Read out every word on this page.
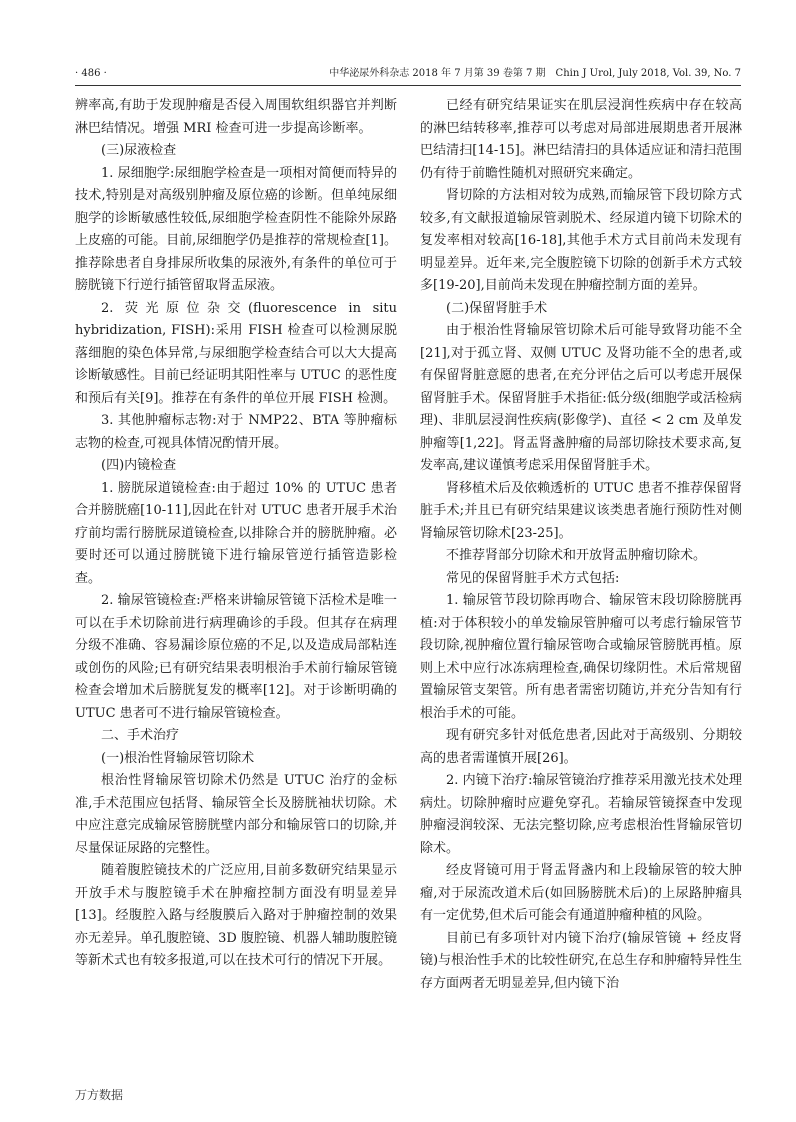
· 486 ·	中华泌尿外科杂志 2018 年 7 月第 39 卷第 7 期　Chin J Urol, July 2018, Vol. 39, No. 7

辨率高,有助于发现肿瘤是否侵入周围软组织器官并判断淋巴结情况。增强 MRI 检查可进一步提高诊断率。

(三)尿液检查

1. 尿细胞学:尿细胞学检查是一项相对简便而特异的技术,特别是对高级别肿瘤及原位癌的诊断。但单纯尿细胞学的诊断敏感性较低,尿细胞学检查阴性不能除外尿路上皮癌的可能。目前,尿细胞学仍是推荐的常规检查[1]。推荐除患者自身排尿所收集的尿液外,有条件的单位可于膀胱镜下行逆行插管留取肾盂尿液。

2. 荧光原位杂交(fluorescence in situ hybridization, FISH):采用 FISH 检查可以检测尿脱落细胞的染色体异常,与尿细胞学检查结合可以大大提高诊断敏感性。目前已经证明其阳性率与 UTUC 的恶性度和预后有关[9]。推荐在有条件的单位开展 FISH 检测。

3. 其他肿瘤标志物:对于 NMP22、BTA 等肿瘤标志物的检查,可视具体情况酌情开展。

(四)内镜检查

1. 膀胱尿道镜检查:由于超过 10% 的 UTUC 患者合并膀胱癌[10-11],因此在针对 UTUC 患者开展手术治疗前均需行膀胱尿道镜检查,以排除合并的膀胱肿瘤。必要时还可以通过膀胱镜下进行输尿管逆行插管造影检查。

2. 输尿管镜检查:严格来讲输尿管镜下活检术是唯一可以在手术切除前进行病理确诊的手段。但其存在病理分级不准确、容易漏诊原位癌的不足,以及造成局部粘连或创伤的风险;已有研究结果表明根治手术前行输尿管镜检查会增加术后膀胱复发的概率[12]。对于诊断明确的 UTUC 患者可不进行输尿管镜检查。

二、手术治疗

(一)根治性肾输尿管切除术

根治性肾输尿管切除术仍然是 UTUC 治疗的金标准,手术范围应包括肾、输尿管全长及膀胱袖状切除。术中应注意完成输尿管膀胱壁内部分和输尿管口的切除,并尽量保证尿路的完整性。

随着腹腔镜技术的广泛应用,目前多数研究结果显示开放手术与腹腔镜手术在肿瘤控制方面没有明显差异[13]。经腹腔入路与经腹膜后入路对于肿瘤控制的效果亦无差异。单孔腹腔镜、3D 腹腔镜、机器人辅助腹腔镜等新术式也有较多报道,可以在技术可行的情况下开展。

已经有研究结果证实在肌层浸润性疾病中存在较高的淋巴结转移率,推荐可以考虑对局部进展期患者开展淋巴结清扫[14-15]。淋巴结清扫的具体适应证和清扫范围仍有待于前瞻性随机对照研究来确定。

肾切除的方法相对较为成熟,而输尿管下段切除方式较多,有文献报道输尿管剥脱术、经尿道内镜下切除术的复发率相对较高[16-18],其他手术方式目前尚未发现有明显差异。近年来,完全腹腔镜下切除的创新手术方式较多[19-20],目前尚未发现在肿瘤控制方面的差异。

(二)保留肾脏手术

由于根治性肾输尿管切除术后可能导致肾功能不全[21],对于孤立肾、双侧 UTUC 及肾功能不全的患者,或有保留肾脏意愿的患者,在充分评估之后可以考虑开展保留肾脏手术。保留肾脏手术指征:低分级(细胞学或活检病理)、非肌层浸润性疾病(影像学)、直径 < 2 cm 及单发肿瘤等[1,22]。肾盂肾盏肿瘤的局部切除技术要求高,复发率高,建议谨慎考虑采用保留肾脏手术。

肾移植术后及依赖透析的 UTUC 患者不推荐保留肾脏手术;并且已有研究结果建议该类患者施行预防性对侧肾输尿管切除术[23-25]。

不推荐肾部分切除术和开放肾盂肿瘤切除术。

常见的保留肾脏手术方式包括:

1. 输尿管节段切除再吻合、输尿管末段切除膀胱再植:对于体积较小的单发输尿管肿瘤可以考虑行输尿管节段切除,视肿瘤位置行输尿管吻合或输尿管膀胱再植。原则上术中应行冰冻病理检查,确保切缘阴性。术后常规留置输尿管支架管。所有患者需密切随访,并充分告知有行根治手术的可能。

现有研究多针对低危患者,因此对于高级别、分期较高的患者需谨慎开展[26]。

2. 内镜下治疗:输尿管镜治疗推荐采用激光技术处理病灶。切除肿瘤时应避免穿孔。若输尿管镜探查中发现肿瘤浸润较深、无法完整切除,应考虑根治性肾输尿管切除术。

经皮肾镜可用于肾盂肾盏内和上段输尿管的较大肿瘤,对于尿流改道术后(如回肠膀胱术后)的上尿路肿瘤具有一定优势,但术后可能会有通道肿瘤种植的风险。

目前已有多项针对内镜下治疗(输尿管镜 + 经皮肾镜)与根治性手术的比较性研究,在总生存和肿瘤特异性生存方面两者无明显差异,但内镜下治

万方数据
